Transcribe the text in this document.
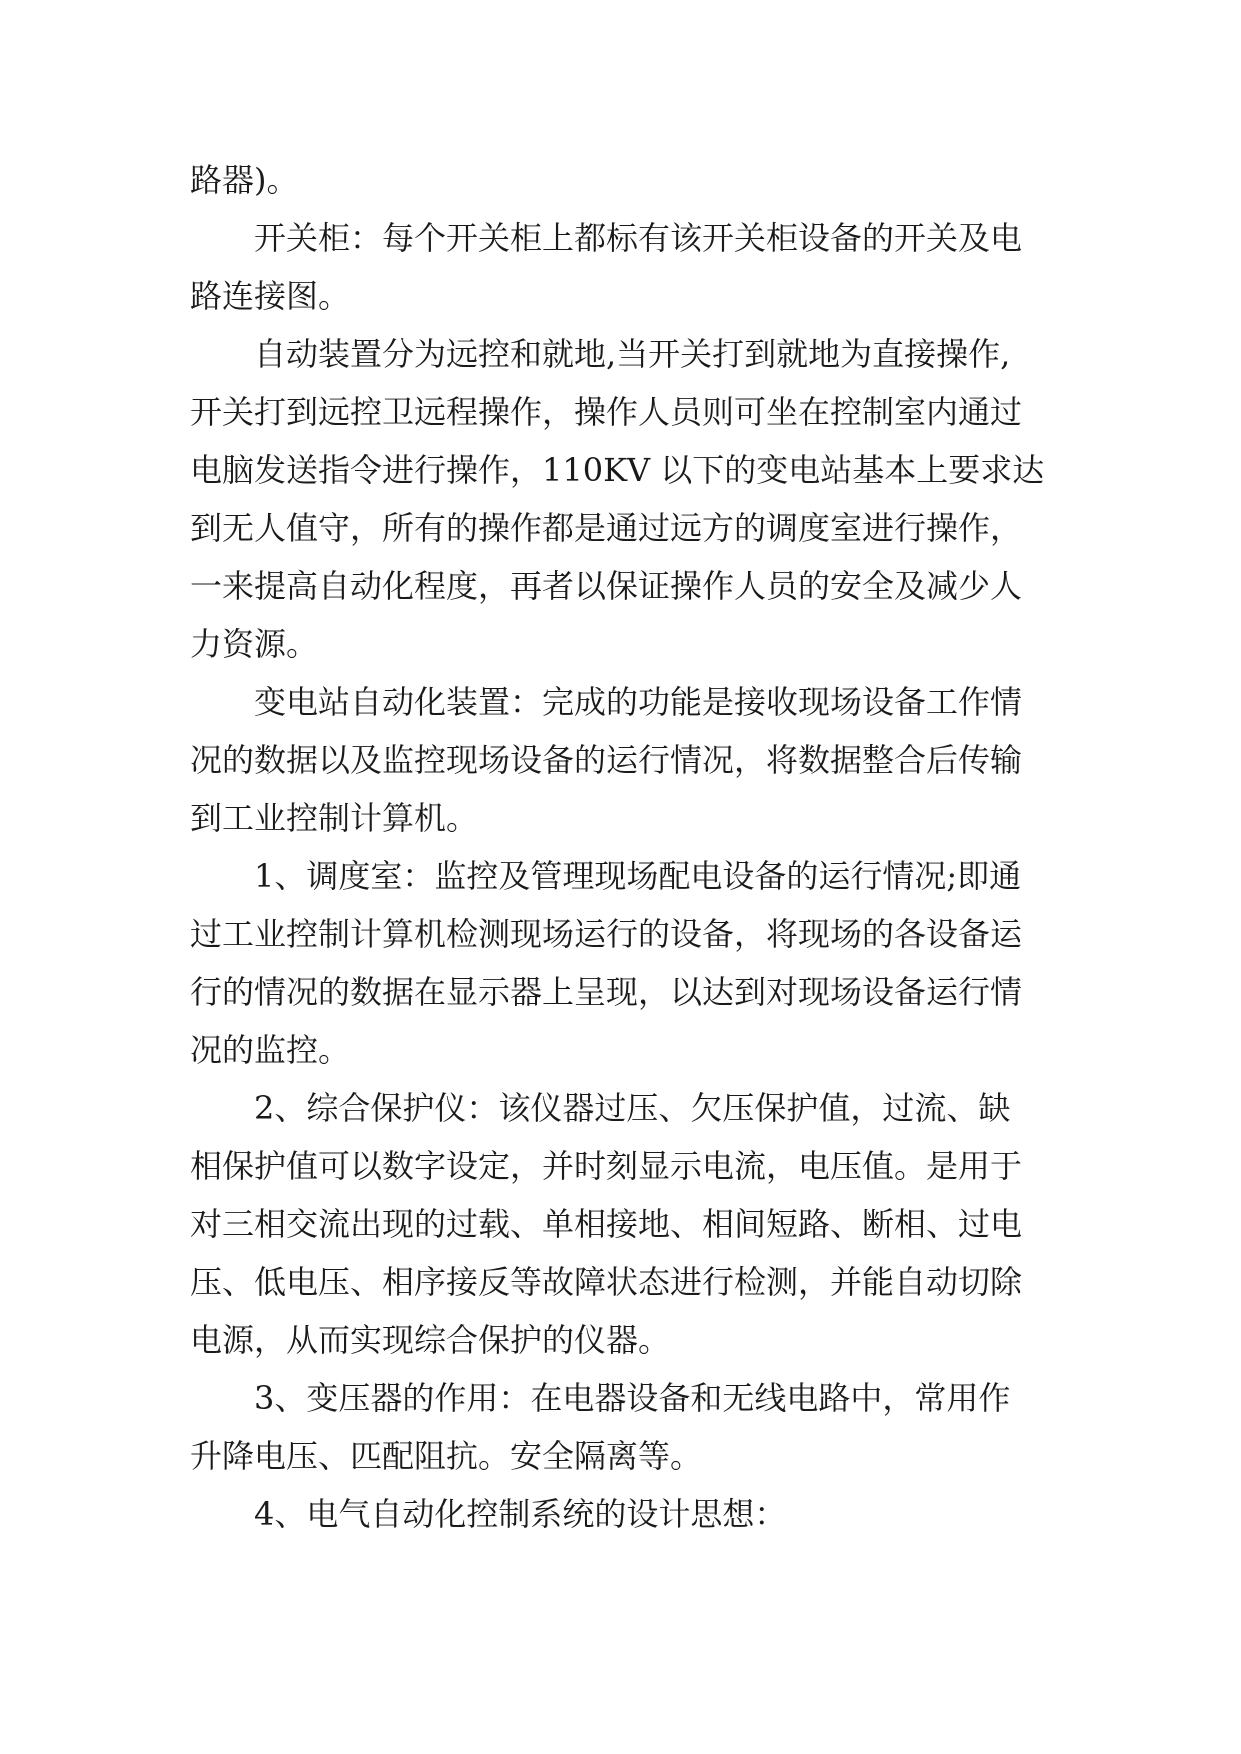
路器)。
开关柜：每个开关柜上都标有该开关柜设备的开关及电
路连接图。
自动装置分为远控和就地,当开关打到就地为直接操作,
开关打到远控卫远程操作，操作人员则可坐在控制室内通过
电脑发送指令进行操作，110KV 以下的变电站基本上要求达
到无人值守，所有的操作都是通过远方的调度室进行操作，
一来提高自动化程度，再者以保证操作人员的安全及减少人
力资源。
变电站自动化装置：完成的功能是接收现场设备工作情
况的数据以及监控现场设备的运行情况，将数据整合后传输
到工业控制计算机。
1、调度室：监控及管理现场配电设备的运行情况;即通
过工业控制计算机检测现场运行的设备，将现场的各设备运
行的情况的数据在显示器上呈现，以达到对现场设备运行情
况的监控。
2、综合保护仪：该仪器过压、欠压保护值，过流、缺
相保护值可以数字设定，并时刻显示电流，电压值。是用于
对三相交流出现的过载、单相接地、相间短路、断相、过电
压、低电压、相序接反等故障状态进行检测，并能自动切除
电源，从而实现综合保护的仪器。
3、变压器的作用：在电器设备和无线电路中，常用作
升降电压、匹配阻抗。安全隔离等。
4、电气自动化控制系统的设计思想：
